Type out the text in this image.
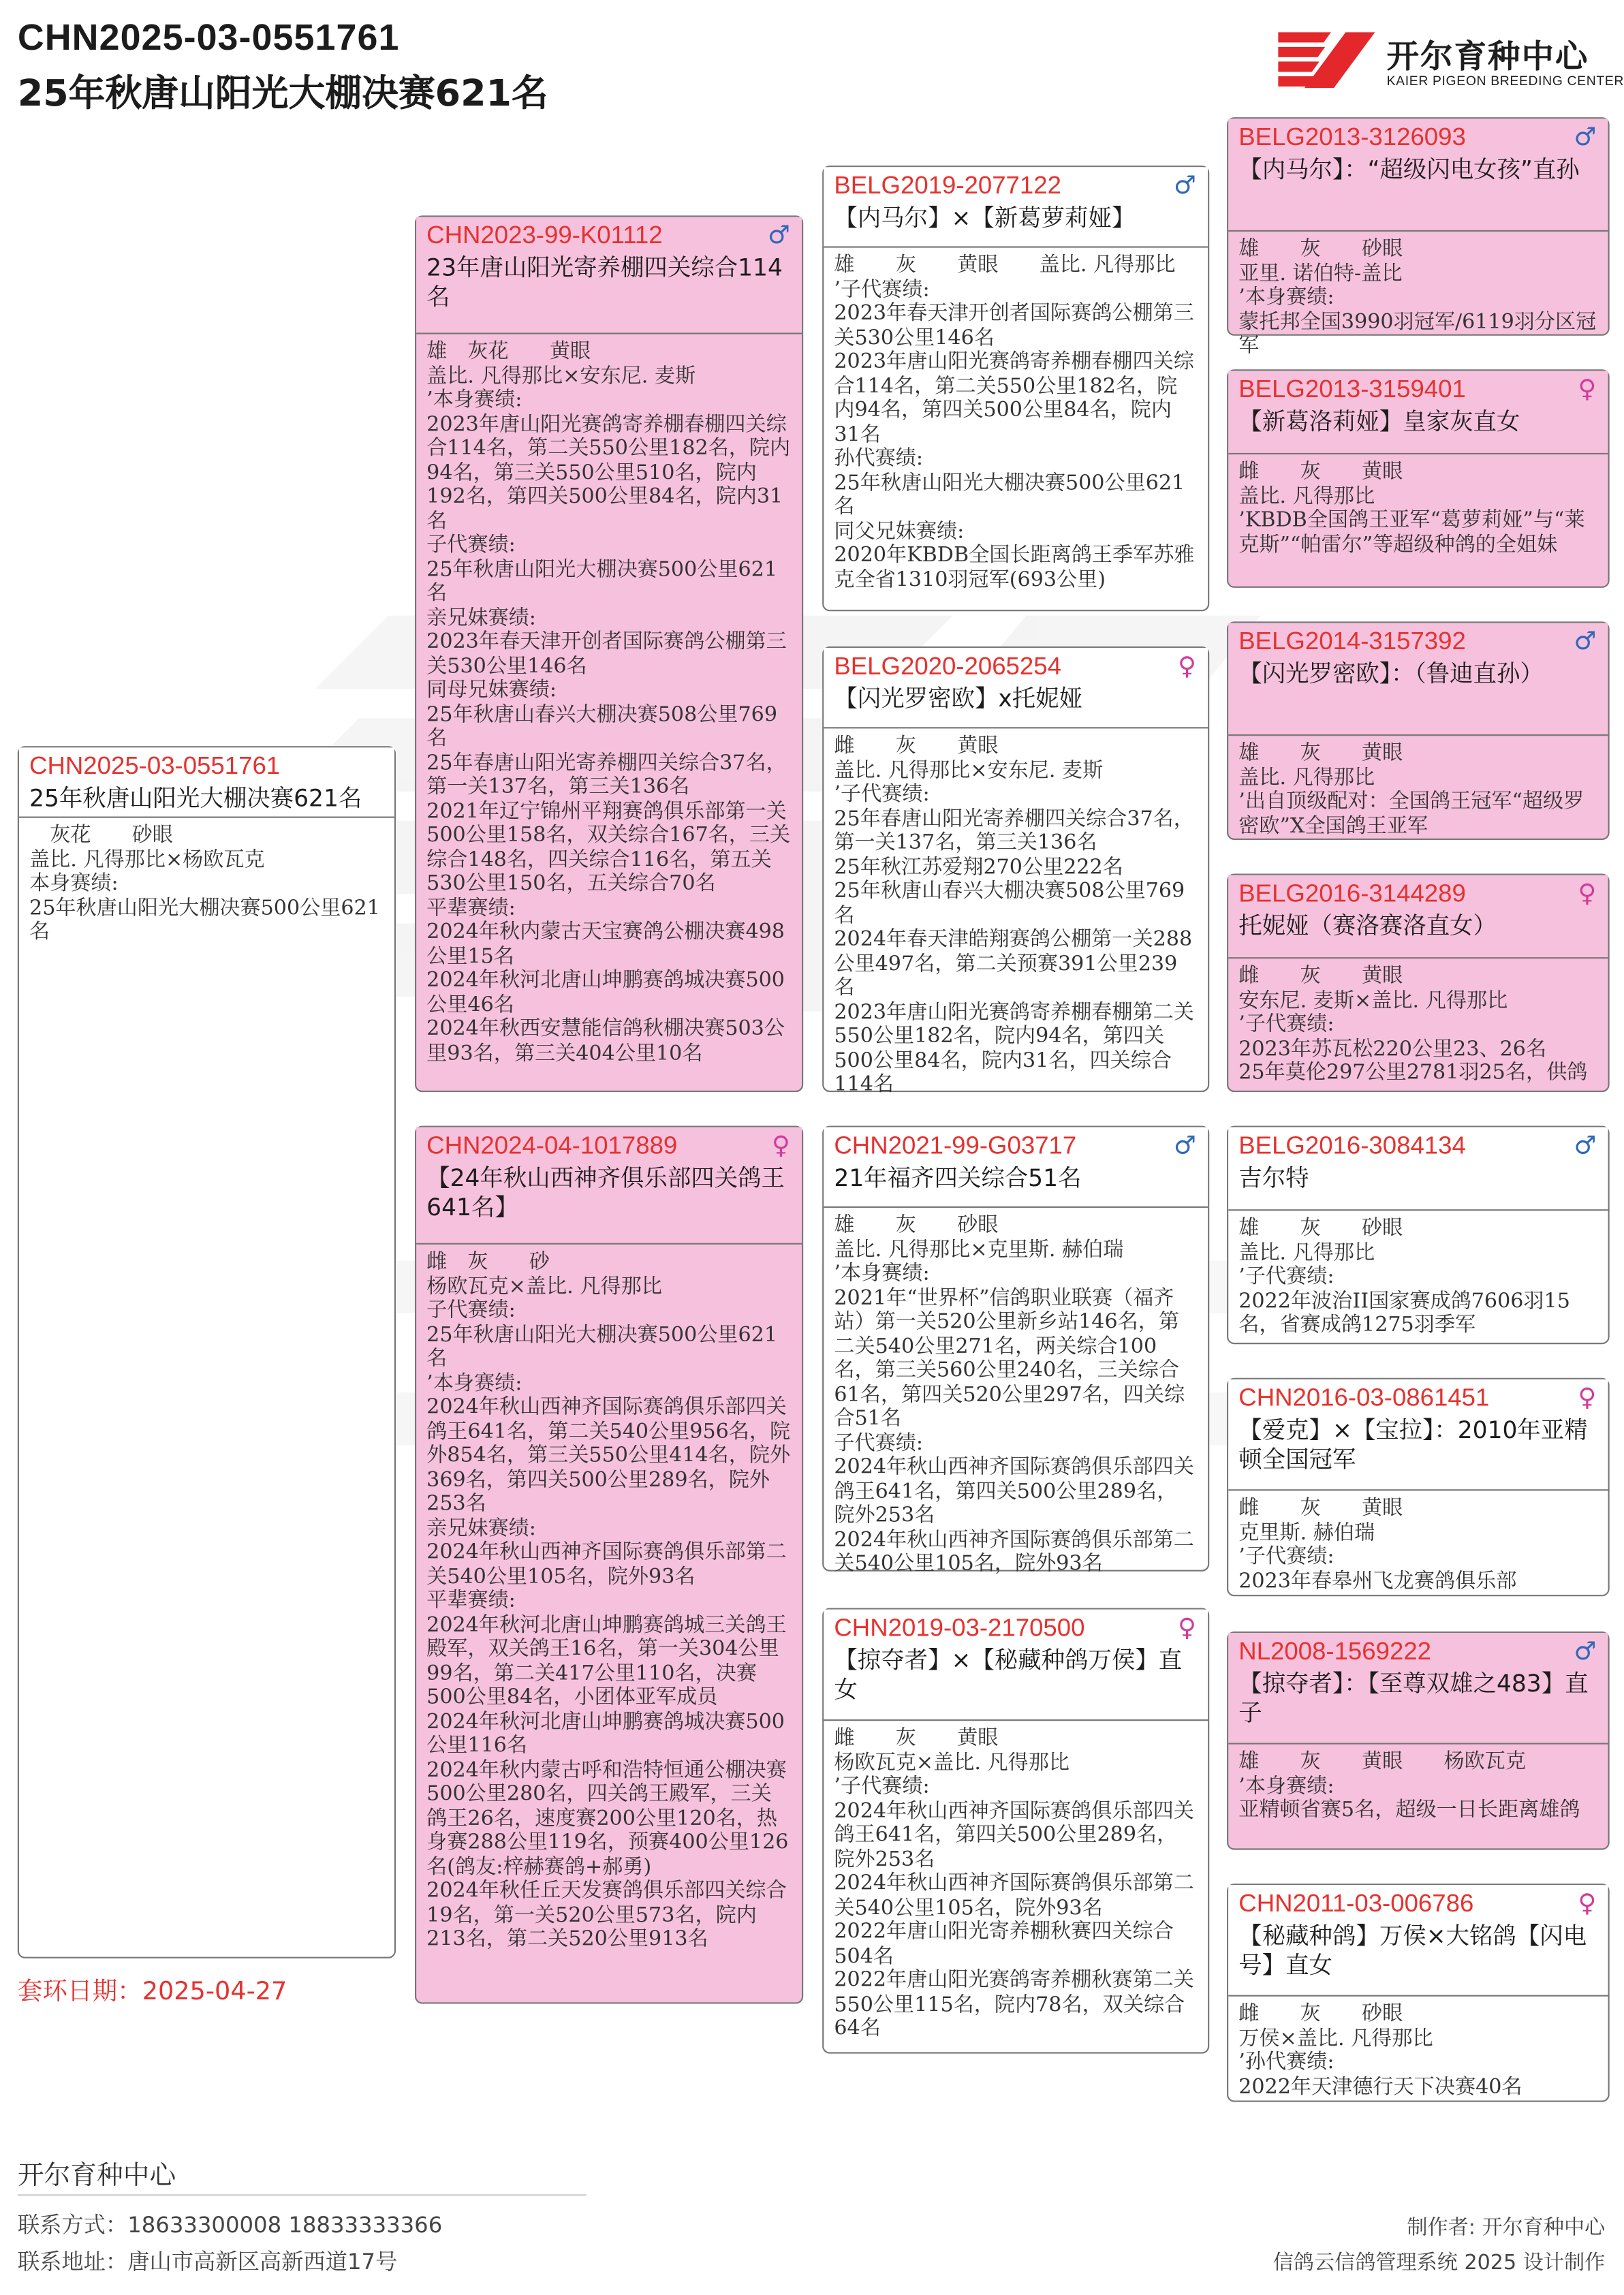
CHN2025-03-0551761
25年秋唐山阳光大棚决赛621名
开尔育种中心
KAIER PIGEON BREEDING CENTER
CHN2025-03-0551761
25年秋唐山阳光大棚决赛621名
　灰花　　砂眼
盖比. 凡得那比×杨欧瓦克
本身赛绩:
25年秋唐山阳光大棚决赛500公里621名
CHN2023-99-K01112	♂
23年唐山阳光寄养棚四关综合114名
雄　灰花　　黄眼
盖比. 凡得那比×安东尼. 麦斯
’本身赛绩:
2023年唐山阳光赛鸽寄养棚春棚四关综合114名，第二关550公里182名，院内94名，第三关550公里510名，院内192名，第四关500公里84名，院内31名
子代赛绩:
25年秋唐山阳光大棚决赛500公里621名
亲兄妹赛绩:
2023年春天津开创者国际赛鸽公棚第三关530公里146名
同母兄妹赛绩:
25年秋唐山春兴大棚决赛508公里769名
25年春唐山阳光寄养棚四关综合37名，第一关137名，第三关136名
2021年辽宁锦州平翔赛鸽俱乐部第一关500公里158名，双关综合167名，三关综合148名，四关综合116名，第五关530公里150名，五关综合70名
平辈赛绩:
2024年秋内蒙古天宝赛鸽公棚决赛498公里15名
2024年秋河北唐山坤鹏赛鸽城决赛500公里46名
2024年秋西安慧能信鸽秋棚决赛503公里93名，第三关404公里10名
CHN2024-04-1017889	♀
【24年秋山西神齐俱乐部四关鸽王641名】
雌　灰　　砂
杨欧瓦克×盖比. 凡得那比
子代赛绩:
25年秋唐山阳光大棚决赛500公里621名
’本身赛绩:
2024年秋山西神齐国际赛鸽俱乐部四关鸽王641名，第二关540公里956名，院外854名，第三关550公里414名，院外369名，第四关500公里289名，院外253名
亲兄妹赛绩:
2024年秋山西神齐国际赛鸽俱乐部第二关540公里105名，院外93名
平辈赛绩:
2024年秋河北唐山坤鹏赛鸽城三关鸽王殿军，双关鸽王16名，第一关304公里99名，第二关417公里110名，决赛500公里84名，小团体亚军成员
2024年秋河北唐山坤鹏赛鸽城决赛500公里116名
2024年秋内蒙古呼和浩特恒通公棚决赛500公里280名，四关鸽王殿军，三关鸽王26名，速度赛200公里120名，热身赛288公里119名，预赛400公里126名(鸽友:梓赫赛鸽+郝勇)
2024年秋任丘天发赛鸽俱乐部四关综合19名，第一关520公里573名，院内213名，第二关520公里913名
BELG2019-2077122	♂
【内马尔】×【新葛萝莉娅】
雄　　灰　　黄眼　　盖比. 凡得那比
’子代赛绩:
2023年春天津开创者国际赛鸽公棚第三关530公里146名
2023年唐山阳光赛鸽寄养棚春棚四关综合114名，第二关550公里182名，院内94名，第四关500公里84名，院内31名
孙代赛绩:
25年秋唐山阳光大棚决赛500公里621名
同父兄妹赛绩:
2020年KBDB全国长距离鸽王季军苏雅克全省1310羽冠军(693公里)
BELG2020-2065254	♀
【闪光罗密欧】x托妮娅
雌　　灰　　黄眼
盖比. 凡得那比×安东尼. 麦斯
’子代赛绩:
25年春唐山阳光寄养棚四关综合37名，第一关137名，第三关136名
25年秋江苏爱翔270公里222名
25年秋唐山春兴大棚决赛508公里769名
2024年春天津皓翔赛鸽公棚第一关288公里497名，第二关预赛391公里239名
2023年唐山阳光赛鸽寄养棚春棚第二关550公里182名，院内94名，第四关500公里84名，院内31名，四关综合114名
CHN2021-99-G03717	♂
21年福齐四关综合51名
雄　　灰　　砂眼
盖比. 凡得那比×克里斯. 赫伯瑞
’本身赛绩:
2021年“世界杯”信鸽职业联赛（福齐站）第一关520公里新乡站146名，第二关540公里271名，两关综合100名，第三关560公里240名，三关综合61名，第四关520公里297名，四关综合51名
子代赛绩:
2024年秋山西神齐国际赛鸽俱乐部四关鸽王641名，第四关500公里289名，院外253名
2024年秋山西神齐国际赛鸽俱乐部第二关540公里105名，院外93名
CHN2019-03-2170500	♀
【掠夺者】×【秘藏种鸽万侯】直女
雌　　灰　　黄眼
杨欧瓦克×盖比. 凡得那比
’子代赛绩:
2024年秋山西神齐国际赛鸽俱乐部四关鸽王641名，第四关500公里289名，院外253名
2024年秋山西神齐国际赛鸽俱乐部第二关540公里105名，院外93名
2022年唐山阳光寄养棚秋赛四关综合504名
2022年唐山阳光赛鸽寄养棚秋赛第二关550公里115名，院内78名，双关综合64名
BELG2013-3126093	♂
【内马尔】：“超级闪电女孩”直孙
雄　　灰　　砂眼
亚里. 诺伯特-盖比
’本身赛绩:
蒙托邦全国3990羽冠军/6119羽分区冠军
BELG2013-3159401	♀
【新葛洛莉娅】皇家灰直女
雌　　灰　　黄眼
盖比. 凡得那比
’KBDB全国鸽王亚军“葛萝莉娅”与“莱克斯”“帕雷尔”等超级种鸽的全姐妹
BELG2014-3157392	♂
【闪光罗密欧】：（鲁迪直孙）
雄　　灰　　黄眼
盖比. 凡得那比
’出自顶级配对：全国鸽王冠军“超级罗密欧”X全国鸽王亚军
BELG2016-3144289	♀
托妮娅（赛洛赛洛直女）
雌　　灰　　黄眼
安东尼. 麦斯×盖比. 凡得那比
’子代赛绩:
2023年苏瓦松220公里23、26名
25年莫伦297公里2781羽25名，供鸽
BELG2016-3084134	♂
吉尔特
雄　　灰　　砂眼
盖比. 凡得那比
’子代赛绩:
2022年波治II国家赛成鸽7606羽15名，省赛成鸽1275羽季军
CHN2016-03-0861451	♀
【爱克】×【宝拉】：2010年亚精顿全国冠军
雌　　灰　　黄眼
克里斯. 赫伯瑞
’子代赛绩:
2023年春皋州飞龙赛鸽俱乐部
NL2008-1569222	♂
【掠夺者】：【至尊双雄之483】直子
雄　　灰　　黄眼　　杨欧瓦克
’本身赛绩:
亚精顿省赛5名，超级一日长距离雄鸽
CHN2011-03-006786	♀
【秘藏种鸽】万侯×大铭鸽【闪电号】直女
雌　　灰　　砂眼
万侯×盖比. 凡得那比
’孙代赛绩:
2022年天津德行天下决赛40名
套环日期：2025-04-27
开尔育种中心
联系方式：18633300008 18833333366
联系地址：唐山市高新区高新西道17号
制作者: 开尔育种中心
信鸽云信鸽管理系统 2025 设计制作
